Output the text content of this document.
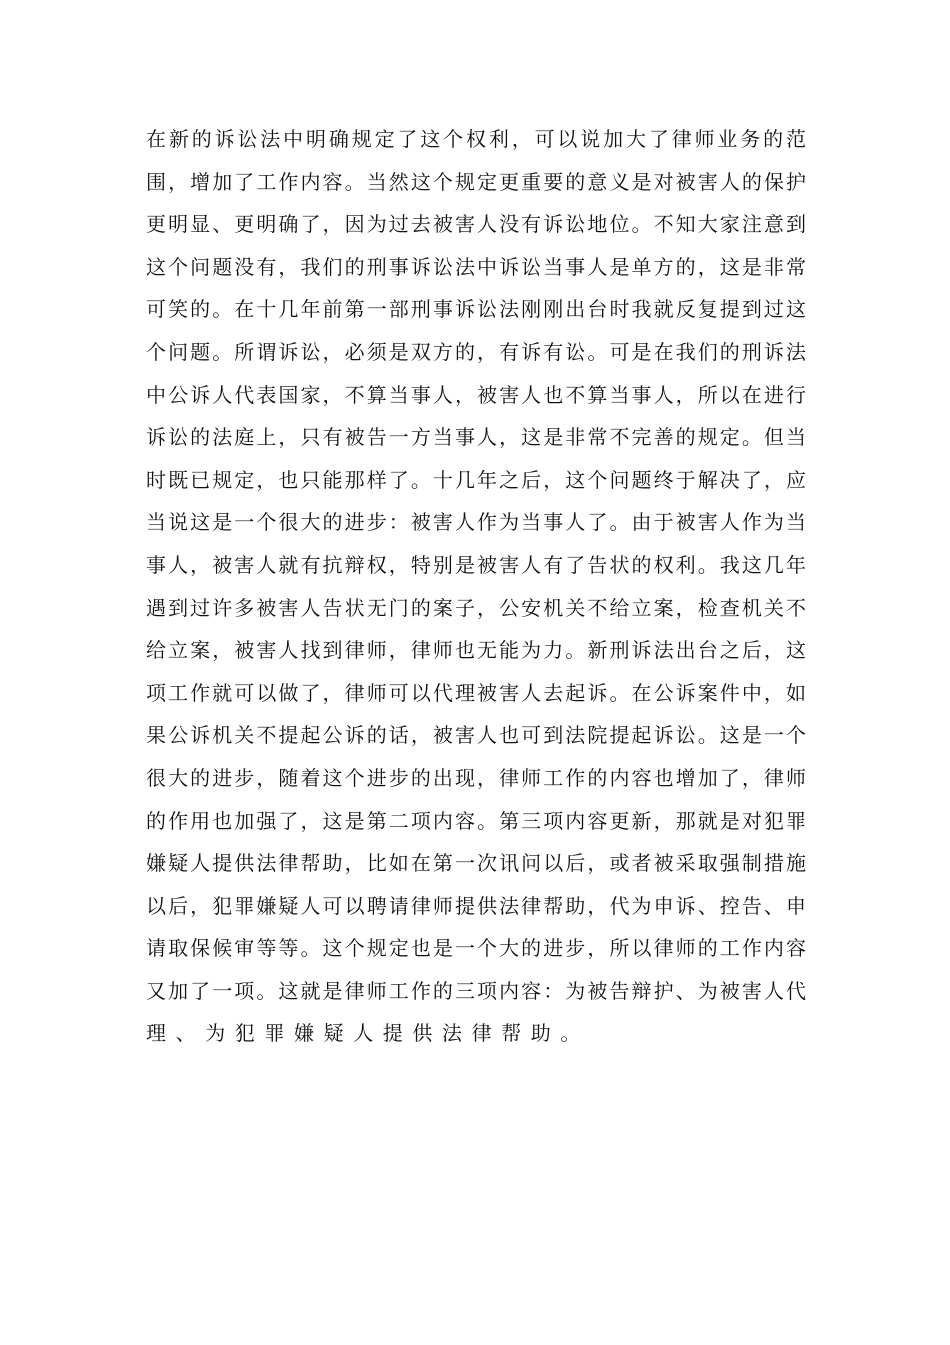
在新的诉讼法中明确规定了这个权利，可以说加大了律师业务的范
围，增加了工作内容。当然这个规定更重要的意义是对被害人的保护
更明显、更明确了，因为过去被害人没有诉讼地位。不知大家注意到
这个问题没有，我们的刑事诉讼法中诉讼当事人是单方的，这是非常
可笑的。在十几年前第一部刑事诉讼法刚刚出台时我就反复提到过这
个问题。所谓诉讼，必须是双方的，有诉有讼。可是在我们的刑诉法
中公诉人代表国家，不算当事人，被害人也不算当事人，所以在进行
诉讼的法庭上，只有被告一方当事人，这是非常不完善的规定。但当
时既已规定，也只能那样了。十几年之后，这个问题终于解决了，应
当说这是一个很大的进步：被害人作为当事人了。由于被害人作为当
事人，被害人就有抗辩权，特别是被害人有了告状的权利。我这几年
遇到过许多被害人告状无门的案子，公安机关不给立案，检查机关不
给立案，被害人找到律师，律师也无能为力。新刑诉法出台之后，这
项工作就可以做了，律师可以代理被害人去起诉。在公诉案件中，如
果公诉机关不提起公诉的话，被害人也可到法院提起诉讼。这是一个
很大的进步，随着这个进步的出现，律师工作的内容也增加了，律师
的作用也加强了，这是第二项内容。第三项内容更新，那就是对犯罪
嫌疑人提供法律帮助，比如在第一次讯问以后，或者被采取强制措施
以后，犯罪嫌疑人可以聘请律师提供法律帮助，代为申诉、控告、申
请取保候审等等。这个规定也是一个大的进步，所以律师的工作内容
又加了一项。这就是律师工作的三项内容：为被告辩护、为被害人代
理、为犯罪嫌疑人提供法律帮助。
